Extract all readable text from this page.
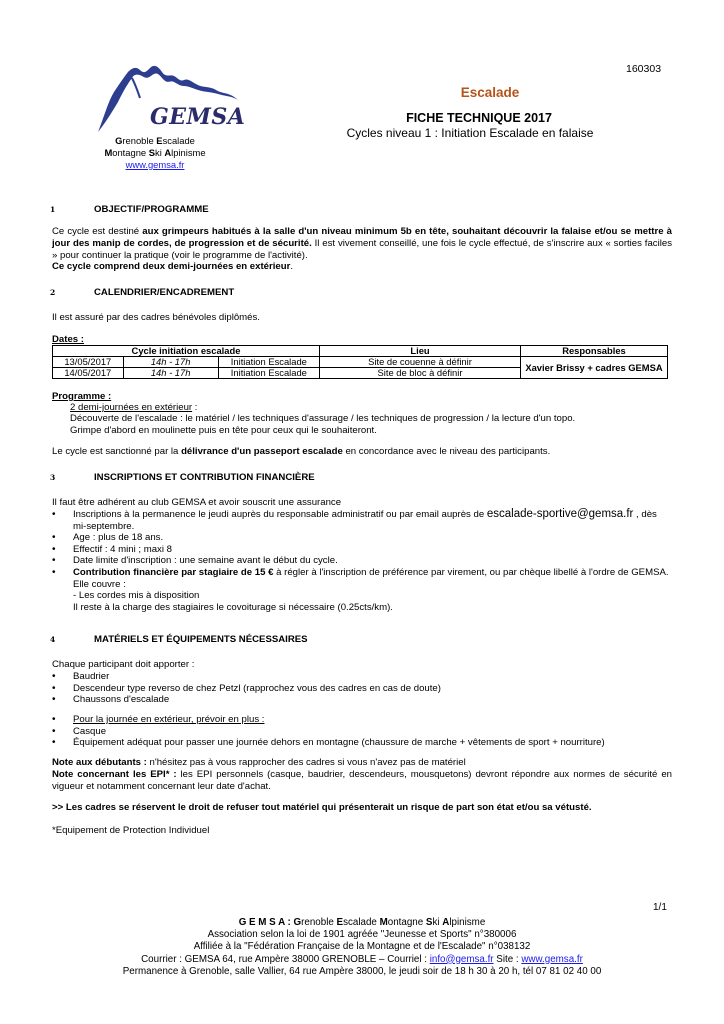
160303
GEMSA
Grenoble Escalade
Montagne Ski Alpinisme
www.gemsa.fr
Escalade
FICHE TECHNIQUE 2017
Cycles niveau 1 : Initiation Escalade en falaise
1	OBJECTIF/PROGRAMME
Ce cycle est destiné aux grimpeurs habitués à la salle d'un niveau minimum 5b en tête, souhaitant découvrir la falaise et/ou se mettre à jour des manip de cordes, de progression et de sécurité. Il est vivement conseillé, une fois le cycle effectué, de s'inscrire aux « sorties faciles » pour continuer la pratique (voir le programme de l'activité).
Ce cycle comprend deux demi-journées en extérieur.
2	CALENDRIER/ENCADREMENT
Il est assuré par des cadres bénévoles diplômés.
Dates :
Cycle initiation escalade			Lieu	Responsables
13/05/2017	14h - 17h	Initiation Escalade	Site de couenne à définir	Xavier Brissy + cadres GEMSA
14/05/2017	14h - 17h	Initiation Escalade	Site de bloc à définir	
Programme :
2 demi-journées en extérieur :
Découverte de l'escalade : le matériel / les techniques d'assurage / les techniques de progression / la lecture d'un topo.
Grimpe d'abord en moulinette puis en tête pour ceux qui le souhaiteront.
Le cycle est sanctionné par la délivrance d'un passeport escalade en concordance avec le niveau des participants.
3	INSCRIPTIONS ET CONTRIBUTION FINANCIÈRE
Il faut être adhérent au club GEMSA et avoir souscrit une assurance
• Inscriptions à la permanence le jeudi auprès du responsable administratif ou par email auprès de escalade-sportive@gemsa.fr , dès mi-septembre.
• Age : plus de 18 ans.
• Effectif : 4 mini ; maxi 8
• Date limite d'inscription : une semaine avant le début du cycle.
• Contribution financière par stagiaire de 15 € à régler à l'inscription de préférence par virement, ou par chèque libellé à l'ordre de GEMSA.
Elle couvre :
- Les cordes mis à disposition
Il reste à la charge des stagiaires le covoiturage si nécessaire (0.25cts/km).
4	MATÉRIELS ET ÉQUIPEMENTS NÉCESSAIRES
Chaque participant doit apporter :
• Baudrier
• Descendeur type reverso de chez Petzl (rapprochez vous des cadres en cas de doute)
• Chaussons d'escalade
• Pour la journée en extérieur, prévoir en plus :
• Casque
• Équipement adéquat pour passer une journée dehors en montagne (chaussure de marche + vêtements de sport + nourriture)
Note aux débutants : n'hésitez pas à vous rapprocher des cadres si vous n'avez pas de matériel
Note concernant les EPI* : les EPI personnels (casque, baudrier, descendeurs, mousquetons) devront répondre aux normes de sécurité en vigueur et notamment concernant leur date d'achat.
>> Les cadres se réservent le droit de refuser tout matériel qui présenterait un risque de part son état et/ou sa vétusté.
*Equipement de Protection Individuel
1/1
G E M S A : Grenoble Escalade Montagne Ski Alpinisme
Association selon la loi de 1901 agréée "Jeunesse et Sports" n°380006
Affiliée à la "Fédération Française de la Montagne et de l'Escalade" n°038132
Courrier : GEMSA 64, rue Ampère 38000 GRENOBLE – Courriel : info@gemsa.fr Site : www.gemsa.fr
Permanence à Grenoble, salle Vallier, 64 rue Ampère 38000, le jeudi soir de 18 h 30 à 20 h, tél 07 81 02 40 00
